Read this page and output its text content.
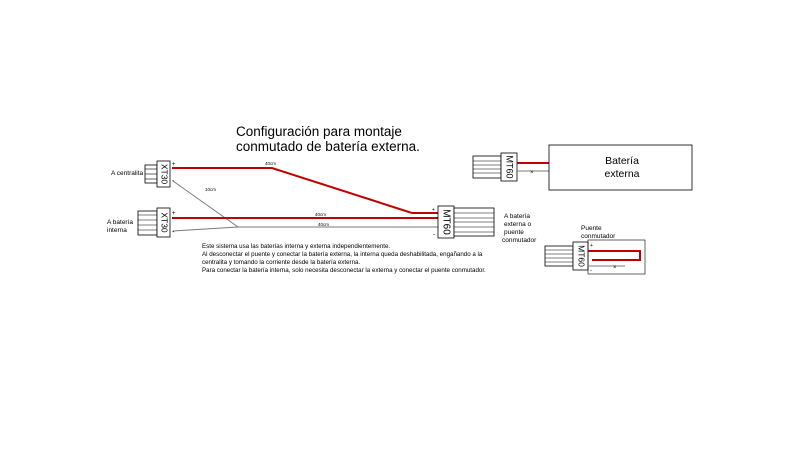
Configuración para montaje
conmutado de batería externa.
40cm
10cm
40cm
40cm
XT30 +
-
XT30 +
-	MT60
+
-
MT60	×
MT60
×
+
-
A centralita
A batería
interna
A batería
externa o
puente
conmutador
Puente
conmutador
Batería
externa
Este sistema usa las baterías interna y externa independientemente.
Al desconectar el puente y conectar la batería externa, la interna queda deshabilitada, engañando a la
centralita y tomando la corriente desde la batería externa.
Para conectar la batería interna, solo necesita desconectar la externa y conectar el puente conmutador.
